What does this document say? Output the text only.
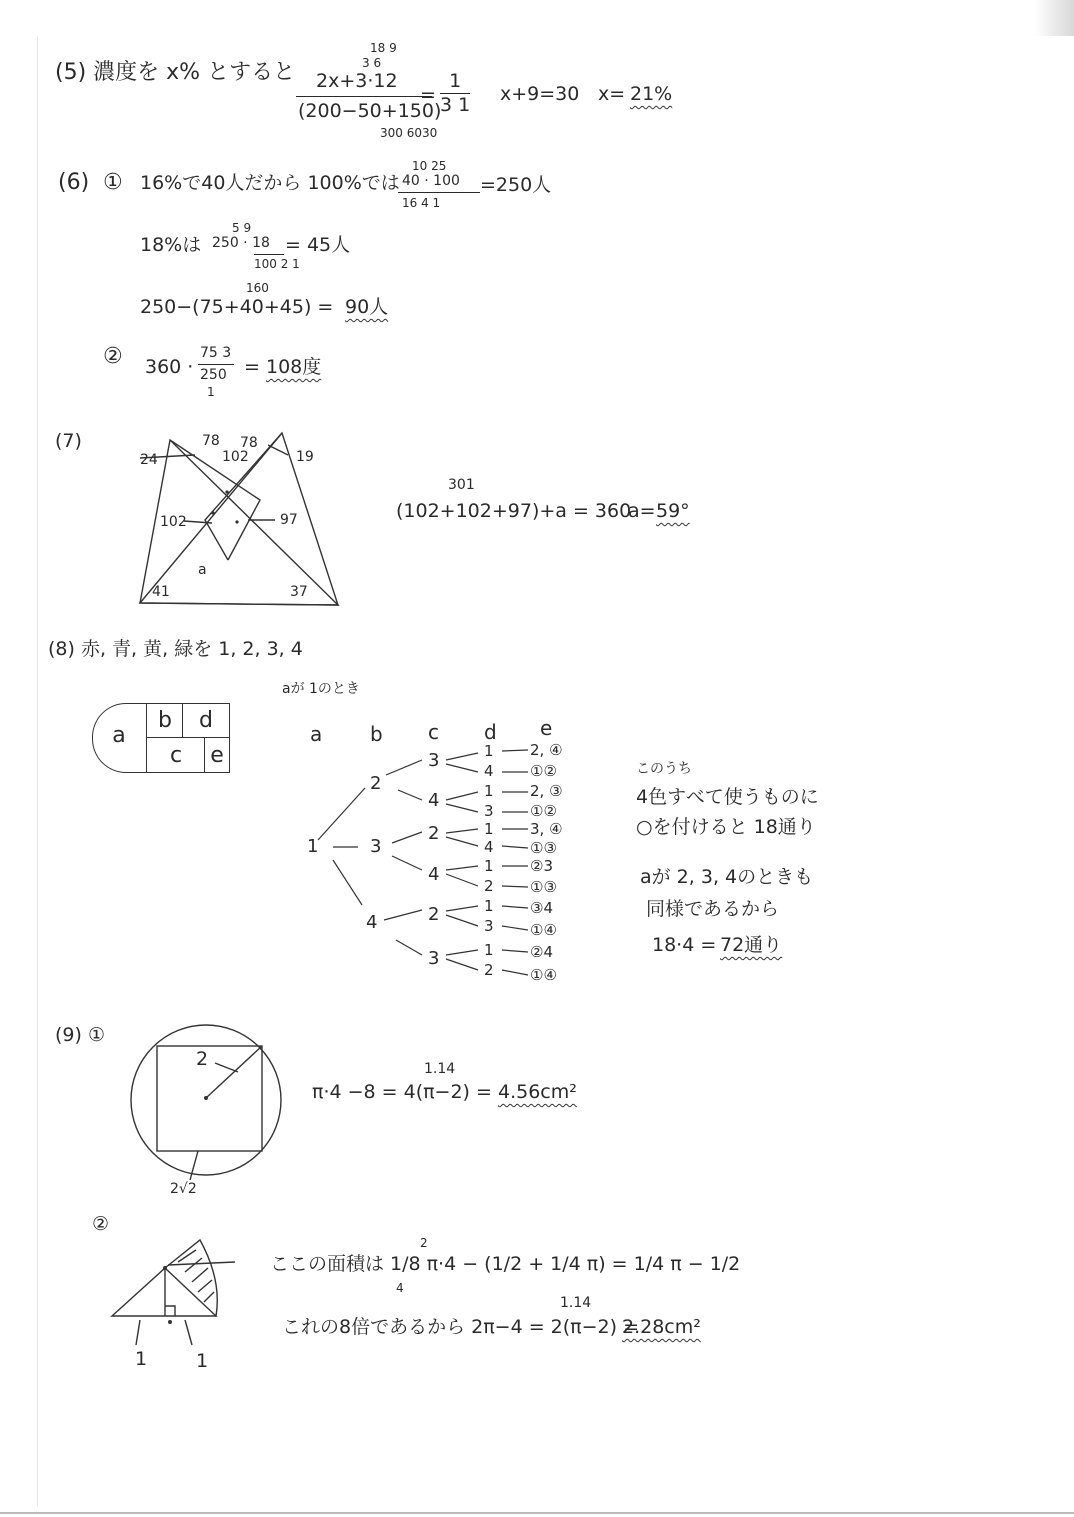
(5) 濃度を x% とすると
18 9
3 6
2x+3·12
(200−50+150)
300 6030
=
1
3 1 x+9=30 x= 21%
(6) ① 16%で40人だから 100%では
10 25
40 · 100
16 4 1
=250人
18%は
5 9
250 · 18
100 2 1
= 45人
160
250−(75+40+45) = 90人
② 360 ·
75 3
250
1
= 108度
(7)
24
78
102
78
19
102	97
a
41	37
301
(102+102+97)+a = 360
a= 59°
(8) 赤, 青, 黄, 緑を 1, 2, 3, 4
aが 1のとき
a
b	d
c	e
a b c d e
1
2
3
4
3
4
2
4
2
3
1
4
1
3
1
4
1
2
1
3
1
2
2, ④
①②
2, ③
①②
3, ④
①③
②3
①③
③4
①④
②4
①④
このうち
4色すべて使うものに
○を付けると 18通り
aが 2, 3, 4のときも
同様であるから
18·4 = 72通り
(9) ①
2
2√2
1.14
π·4 −8 = 4(π−2) = 4.56cm²
②
1	1
ここの面積は
2
1/8 π·4 − (1/2 + 1/4 π) = 1/4 π − 1/2
4
1.14
これの8倍であるから 2π−4 = 2(π−2) =
2.28cm²
